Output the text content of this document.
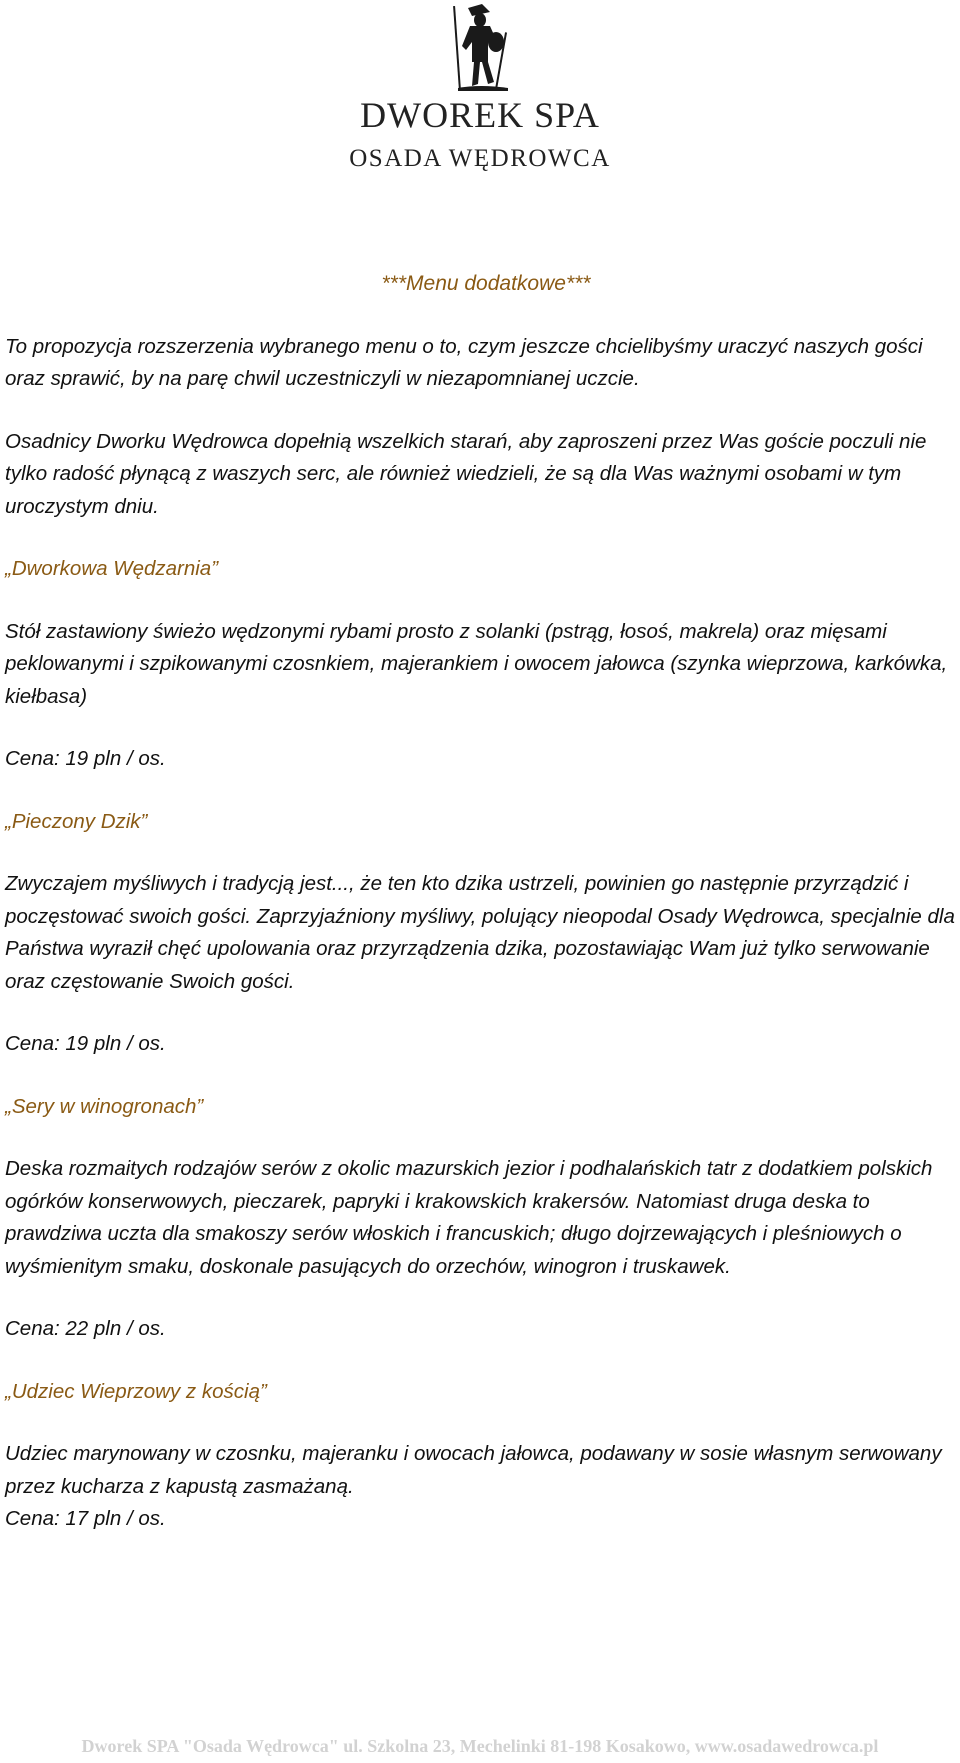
DWOREK SPA
OSADA WĘDROWCA

***Menu dodatkowe***

To propozycja rozszerzenia wybranego menu o to, czym jeszcze chcielibyśmy uraczyć naszych gości oraz sprawić, by na parę chwil uczestniczyli w niezapomnianej uczcie.

Osadnicy Dworku Wędrowca dopełnią wszelkich starań, aby zaproszeni przez Was goście poczuli nie tylko radość płynącą z waszych serc, ale również wiedzieli, że są dla Was ważnymi osobami w tym uroczystym dniu.

„Dworkowa Wędzarnia”

Stół zastawiony świeżo wędzonymi rybami prosto z solanki (pstrąg, łosoś, makrela) oraz mięsami peklowanymi i szpikowanymi czosnkiem, majerankiem i owocem jałowca (szynka wieprzowa, karkówka, kiełbasa)

Cena: 19 pln / os.

„Pieczony Dzik”

Zwyczajem myśliwych i tradycją jest..., że ten kto dzika ustrzeli, powinien go następnie przyrządzić i poczęstować swoich gości. Zaprzyjaźniony myśliwy, polujący nieopodal Osady Wędrowca, specjalnie dla Państwa wyraził chęć upolowania oraz przyrządzenia dzika, pozostawiając Wam już tylko serwowanie oraz częstowanie Swoich gości.

Cena: 19 pln / os.

„Sery w winogronach”

Deska rozmaitych rodzajów serów z okolic mazurskich jezior i podhalańskich tatr z dodatkiem polskich ogórków konserwowych, pieczarek, papryki i krakowskich krakersów. Natomiast druga deska to prawdziwa uczta dla smakoszy serów włoskich i francuskich; długo dojrzewających i pleśniowych o wyśmienitym smaku, doskonale pasujących do orzechów, winogron i truskawek.

Cena: 22 pln / os.

„Udziec Wieprzowy z kością”

Udziec marynowany w czosnku, majeranku i owocach jałowca, podawany w sosie własnym serwowany przez kucharza z kapustą zasmażaną.

Cena: 17 pln / os.

Dworek SPA "Osada Wędrowca" ul. Szkolna 23, Mechelinki 81-198 Kosakowo, www.osadawedrowca.pl
